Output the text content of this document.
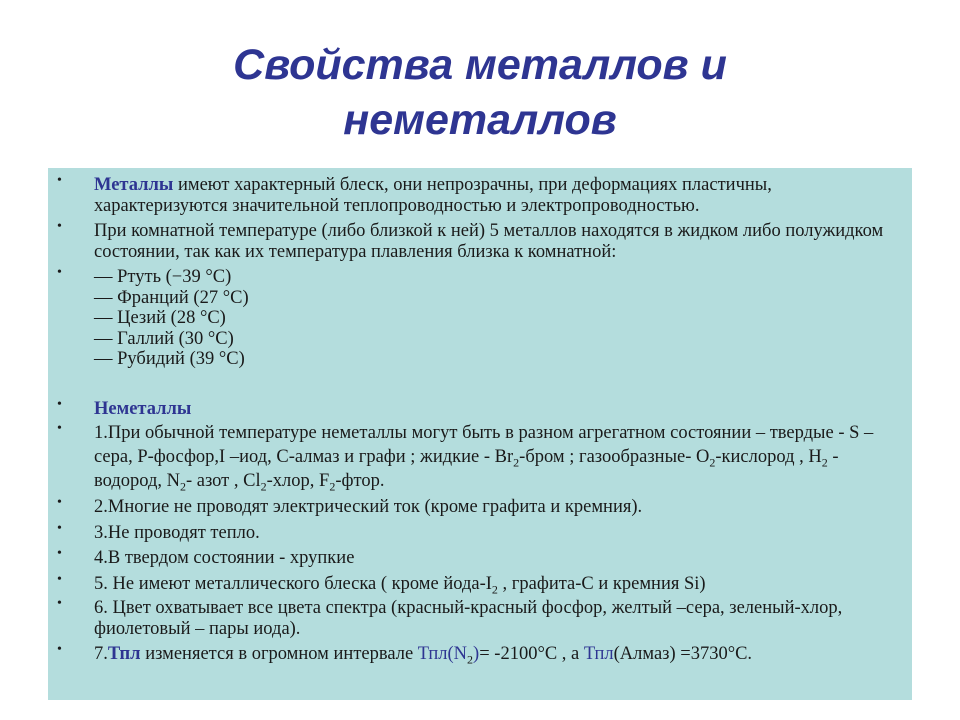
Свойства металлов и
неметаллов
• Металлы имеют характерный блеск, они непрозрачны, при деформациях пластичны, характеризуются значительной теплопроводностью и электропроводностью.
• При комнатной температуре (либо близкой к ней) 5 металлов находятся в жидком либо полужидком состоянии, так как их температура плавления близка к комнатной:
• — Ртуть (−39 °C)
— Франций (27 °C)
— Цезий (28 °C)
— Галлий (30 °C)
— Рубидий (39 °C)
• Неметаллы
• 1.При обычной температуре неметаллы могут быть в разном агрегатном состоянии – твердые - S –сера, P-фосфор,I –иод, C-алмаз и графи ; жидкие - $Br_2$-бром ; газообразные- $O_2$-кислород , $H_2$ - водород, $N_2-$ азот , $Cl_2$-хлор, $F_2$-фтор.
• 2.Многие не проводят электрический ток (кроме графита и кремния).
• 3.Не проводят тепло.
• 4.В твердом состоянии - хрупкие
• 5. Не имеют металлического блеска ( кроме йода-$I_2$ , графита-С и кремния Si)
• 6. Цвет охватывает все цвета спектра (красный-красный фосфор, желтый –сера, зеленый-хлор, фиолетовый – пары иода).
• 7.Тпл изменяется в огромном интервале $Тпл(N_2)= -2100^\circ С$ , а Тпл(Алмаз) =3730°С.
